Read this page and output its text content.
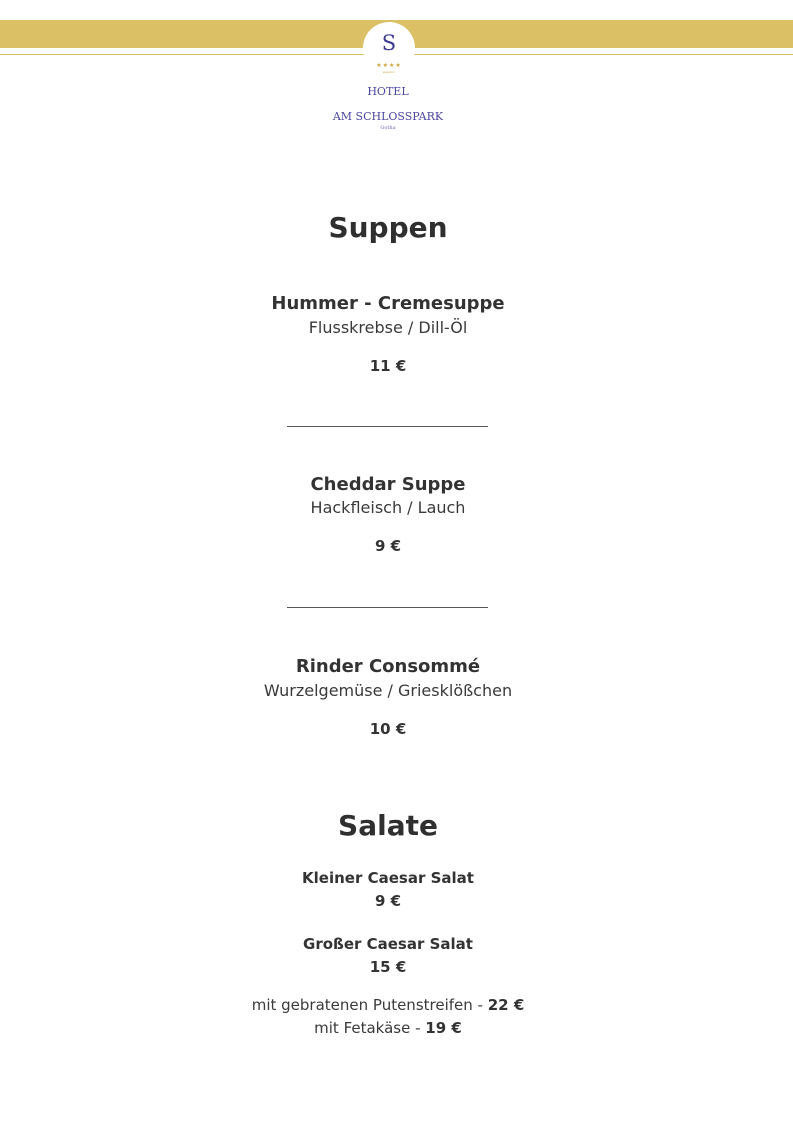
S
★★★★
superior
HOTEL
AM SCHLOSSPARK
Gotha
Suppen
Hummer - Cremesuppe
Flusskrebse / Dill-Öl
11 €
Cheddar Suppe
Hackfleisch / Lauch
9 €
Rinder Consommé
Wurzelgemüse / Griesklößchen
10 €
Salate
Kleiner Caesar Salat
9 €
Großer Caesar Salat
15 €
mit gebratenen Putenstreifen - 22 €
mit Fetakäse - 19 €
